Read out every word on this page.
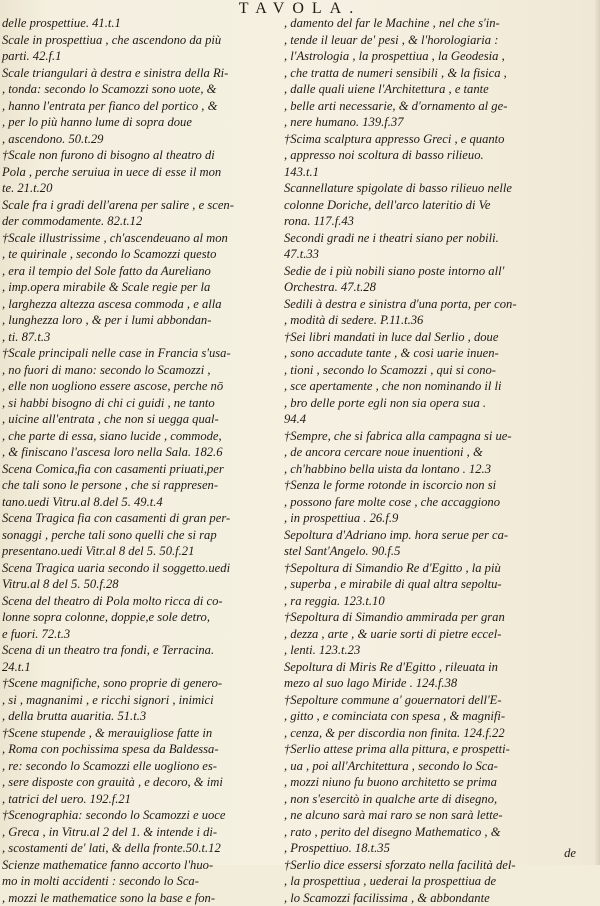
TAVOLA.
delle prospettiue. 41.t.1
Scale in prospettiua , che ascendono da più
parti. 42.f.1
Scale triangulari à destra e sinistra della Ri-
, tonda: secondo lo Scamozzi sono uote, &
, hanno l'entrata per fianco del portico , &
, per lo più hanno lume di sopra doue
, ascendono. 50.t.29
†Scale non furono di bisogno al theatro di
Pola , perche seruiua in uece di esse il mon
te. 21.t.20
Scale fra i gradi dell'arena per salire , e scen-
der commodamente. 82.t.12
†Scale illustrissime , ch'ascendeuano al mon
, te quirinale , secondo lo Scamozzi questo
, era il tempio del Sole fatto da Aureliano
, imp.opera mirabile & Scale regie per la
, larghezza altezza ascesa commoda , e alla
, lunghezza loro , & per i lumi abbondan-
, ti. 87.t.3
†Scale principali nelle case in Francia s'usa-
, no fuori di mano: secondo lo Scamozzi ,
, elle non uogliono essere ascose, perche nō
, si habbi bisogno di chi ci guidi , ne tanto
, uicine all'entrata , che non si uegga qual-
, che parte di essa, siano lucide , commode,
, & finiscano l'ascesa loro nella Sala. 182.6
Scena Comica,fia con casamenti priuati,per
che tali sono le persone , che si rappresen-
tano.uedi Vitru.al 8.del 5. 49.t.4
Scena Tragica fia con casamenti di gran per-
sonaggi , perche tali sono quelli che si rap
presentano.uedi Vitr.al 8 del 5. 50.f.21
Scena Tragica uaria secondo il soggetto.uedi
Vitru.al 8 del 5. 50.f.28
Scena del theatro di Pola molto ricca di co-
lonne sopra colonne, doppie,e sole detro,
e fuori. 72.t.3
Scena di un theatro tra fondi, e Terracina.
24.t.1
†Scene magnifiche, sono proprie di genero-
, si , magnanimi , e ricchi signori , inimici
, della brutta auaritia. 51.t.3
†Scene stupende , & merauigliose fatte in
, Roma con pochissima spesa da Baldessa-
, re: secondo lo Scamozzi elle uogliono es-
, sere disposte con grauità , e decoro, & imi
, tatrici del uero. 192.f.21
†Scenographia: secondo lo Scamozzi e uoce
, Greca , in Vitru.al 2 del 1. & intende i di-
, scostamenti de' lati, & della fronte.50.t.12
Scienze mathematice fanno accorto l'huo-
mo in molti accidenti : secondo lo Sca-
, mozzi le mathematice sono la base e fon-
, damento del far le Machine , nel che s'in-
, tende il leuar de' pesi , & l'horologiaria :
, l'Astrologia , la prospettiua , la Geodesia ,
, che tratta de numeri sensibili , & la fisica ,
, dalle quali uiene l'Architettura , e tante
, belle arti necessarie, & d'ornamento al ge-
, nere humano. 139.f.37
†Scima scalptura appresso Greci , e quanto
, appresso noi scoltura di basso rilieuo.
143.t.1
Scannellature spigolate di basso rilieuo nelle
colonne Doriche, dell'arco lateritio di Ve
rona. 117.f.43
Secondi gradi ne i theatri siano per nobili.
47.t.33
Sedie de i più nobili siano poste intorno all'
Orchestra. 47.t.28
Sedili à destra e sinistra d'una porta, per con-
, modità di sedere. P.11.t.36
†Sei libri mandati in luce dal Serlio , doue
, sono accadute tante , & cosi uarie inuen-
, tioni , secondo lo Scamozzi , qui si cono-
, sce apertamente , che non nominando il li
, bro delle porte egli non sia opera sua .
94.4
†Sempre, che si fabrica alla campagna si ue-
, de ancora cercare noue inuentioni , &
, ch'habbino bella uista da lontano . 12.3
†Senza le forme rotonde in iscorcio non si
, possono fare molte cose , che accaggiono
, in prospettiua . 26.f.9
Sepoltura d'Adriano imp. hora serue per ca-
stel Sant'Angelo. 90.f.5
†Sepoltura di Simandio Re d'Egitto , la più
, superba , e mirabile di qual altra sepoltu-
, ra reggia. 123.t.10
†Sepoltura di Simandio ammirada per gran
, dezza , arte , & uarie sorti di pietre eccel-
, lenti. 123.t.23
Sepoltura di Miris Re d'Egitto , rileuata in
mezo al suo lago Miride . 124.f.38
†Sepolture commune a' gouernatori dell'E-
, gitto , e cominciata con spesa , & magnifi-
, cenza, & per discordia non finita. 124.f.22
†Serlio attese prima alla pittura, e prospetti-
, ua , poi all'Architettura , secondo lo Sca-
, mozzi niuno fu buono architetto se prima
, non s'esercitò in qualche arte di disegno,
, ne alcuno sarà mai raro se non sarà lette-
, rato , perito del disegno Mathematico , &
, Prospettiuo. 18.t.35
†Serlio dice essersi sforzato nella facilità del-
, la prospettiua , uederai la prospettiua de
, lo Scamozzi facilissima , & abbondante
de
